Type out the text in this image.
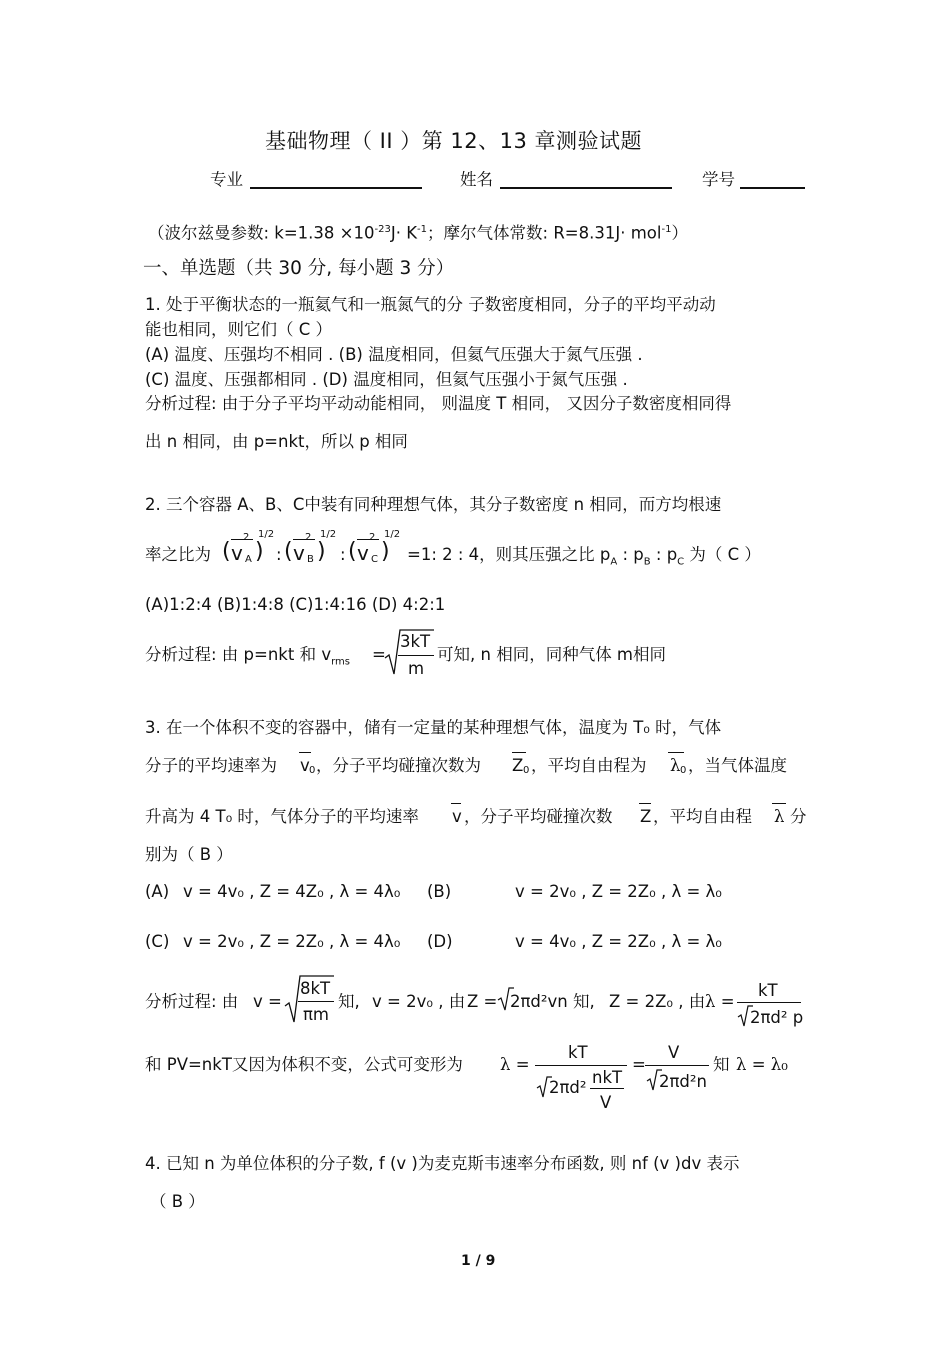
基础物理（ II ）第 12、13 章测验试题
专业	姓名	学号
（波尔兹曼参数: $k=1.38 \times 10^{-23}J\cdot K^{-1}$；摩尔气体常数: R=8.31J· mol$^{-1}$）
一、单选题（共 30 分, 每小题 3 分）
1. 处于平衡状态的一瓶氦气和一瓶氮气的分 子数密度相同，分子的平均平动动
能也相同，则它们（ C ）
(A) 温度、压强均不相同 . (B) 温度相同，但氦气压强大于氮气压强 .
(C) 温度、压强都相同 . (D) 温度相同，但氦气压强小于氮气压强 .
分析过程: 由于分子平均平动动能相同， 则温度 T 相同， 又因分子数密度相同得
出 n 相同，由 p=nkt，所以 p 相同
2. 三个容器 A、B、C中装有同种理想气体，其分子数密度 n 相同，而方均根速
率之比为 ( v A
2
)
1/2
: ( v B
2
)
1/2
: ( v C
2
)
1/2
=1: 2 : 4，则其压强之比 $p_A$ : $p_B$ : $p_C$ 为（ C ）
(A)1:2:4 (B)1:4:8 (C)1:4:16 (D) 4:2:1
分析过程: 由 p=nkt 和 $v_{rms}$ =
3kT
m
可知, n 相同，同种气体 m相同
3. 在一个体积不变的容器中，储有一定量的某种理想气体，温度为 T₀ 时，气体
分子的平均速率为 v 0 ，分子平均碰撞次数为 Z 0 ，平均自由程为 λ 0 ，当气体温度
升高为 4 T₀ 时，气体分子的平均速率 v ，分子平均碰撞次数 Z ，平均自由程 λ 分
别为（ B ）
(A) v = 4v₀ , Z = 4Z₀ , λ = 4λ₀ (B)	v = 2v₀ , Z = 2Z₀ , λ = λ₀
(C) v = 2v₀ , Z = 2Z₀ , λ = 4λ₀ (D)	v = 4v₀ , Z = 2Z₀ , λ = λ₀
分析过程: 由 v =
8kT
πm
知, v = 2v₀ , 由 Z = 2πd²vn 知, Z = 2Z₀ , 由 λ =
kT
2πd² p
和 PV=nkT又因为体积不变，公式可变形为 λ =
kT
2πd²
nkT
V
=
V
2πd²n
知 λ = λ₀
4. 已知 n 为单位体积的分子数, f (v )为麦克斯韦速率分布函数, 则 nf (v )dv 表示
（ B ）
1 / 9
